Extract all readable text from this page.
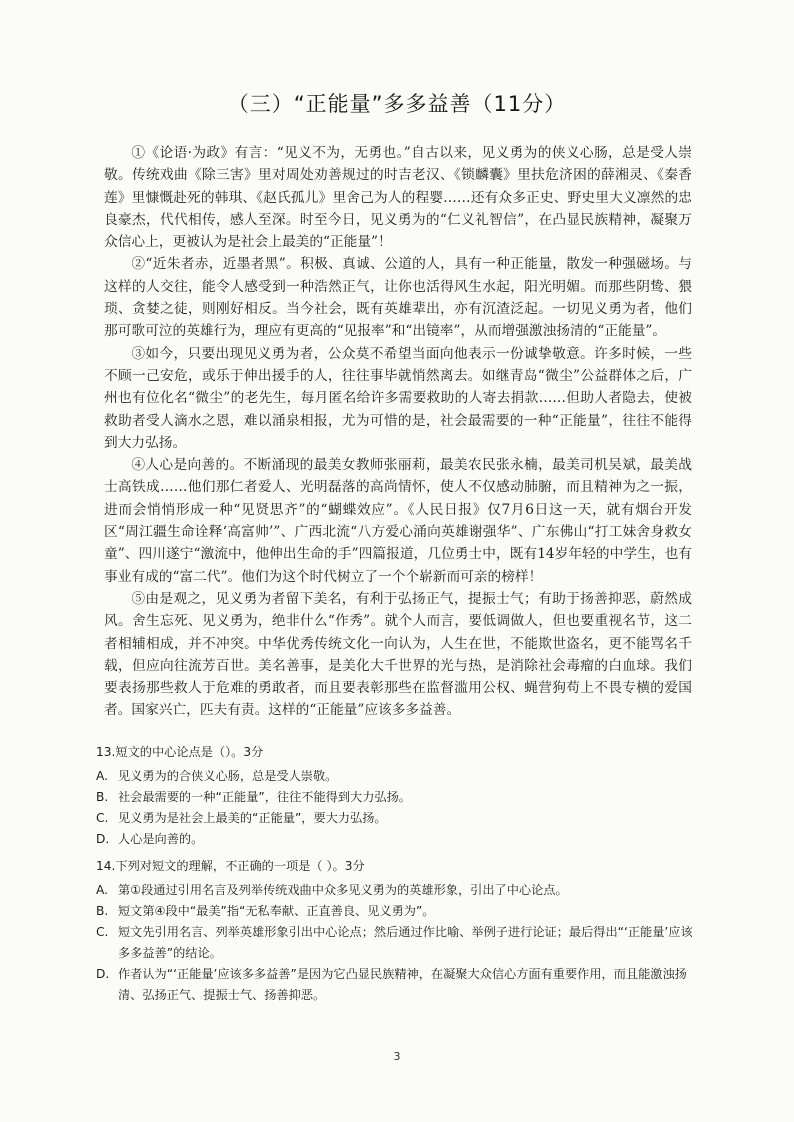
（三）“正能量”多多益善（11分）

①《论语·为政》有言：“见义不为，无勇也。”自古以来，见义勇为的侠义心肠，总是受人崇敬。传统戏曲《除三害》里对周处劝善规过的时吉老汉、《锁麟囊》里扶危济困的薛湘灵、《秦香莲》里慷慨赴死的韩琪、《赵氏孤儿》里舍己为人的程婴……还有众多正史、野史里大义凛然的忠良豪杰，代代相传，感人至深。时至今日，见义勇为的“仁义礼智信”，在凸显民族精神，凝聚万众信心上，更被认为是社会上最美的“正能量”！

②“近朱者赤，近墨者黑”。积极、真诚、公道的人，具有一种正能量，散发一种强磁场。与这样的人交往，能令人感受到一种浩然正气，让你也活得风生水起，阳光明媚。而那些阴鸷、猥琐、贪婪之徒，则刚好相反。当今社会，既有英雄辈出，亦有沉渣泛起。一切见义勇为者，他们那可歌可泣的英雄行为，理应有更高的“见报率”和“出镜率”，从而增强激浊扬清的“正能量”。

③如今，只要出现见义勇为者，公众莫不希望当面向他表示一份诚挚敬意。许多时候，一些不顾一己安危，或乐于伸出援手的人，往往事毕就悄然离去。如继青岛“微尘”公益群体之后，广州也有位化名“微尘”的老先生，每月匿名给许多需要救助的人寄去捐款……但助人者隐去，使被救助者受人滴水之恩，难以涌泉相报，尤为可惜的是，社会最需要的一种“正能量”，往往不能得到大力弘扬。

④人心是向善的。不断涌现的最美女教师张丽莉，最美农民张永楠，最美司机吴斌，最美战士高铁成……他们那仁者爱人、光明磊落的高尚情怀，使人不仅感动肺腑，而且精神为之一振，进而会悄悄形成一种“见贤思齐”的“蝴蝶效应”。《人民日报》仅7月6日这一天，就有烟台开发区“周江疆生命诠释‘高富帅’”、广西北流“八方爱心涌向英雄谢强华”、广东佛山“打工妹舍身救女童”、四川遂宁“激流中，他伸出生命的手”四篇报道，几位勇士中，既有14岁年轻的中学生，也有事业有成的“富二代”。他们为这个时代树立了一个个崭新而可亲的榜样！

⑤由是观之，见义勇为者留下美名，有利于弘扬正气，提振士气；有助于扬善抑恶，蔚然成风。舍生忘死、见义勇为，绝非什么“作秀”。就个人而言，要低调做人，但也要重视名节，这二者相辅相成，并不冲突。中华优秀传统文化一向认为，人生在世，不能欺世盗名，更不能骂名千载，但应向往流芳百世。美名善事，是美化大千世界的光与热，是消除社会毒瘤的白血球。我们要表扬那些救人于危难的勇敢者，而且要表彰那些在监督滥用公权、蝇营狗苟上不畏专横的爱国者。国家兴亡，匹夫有责。这样的“正能量”应该多多益善。

13.短文的中心论点是（）。3分

A. 见义勇为的合侠义心肠，总是受人崇敬。
B. 社会最需要的一种“正能量”，往往不能得到大力弘扬。
C. 见义勇为是社会上最美的“正能量”，要大力弘扬。
D. 人心是向善的。

14.下列对短文的理解，不正确的一项是（ ）。3分

A. 第①段通过引用名言及列举传统戏曲中众多见义勇为的英雄形象，引出了中心论点。
B. 短文第④段中“最美”指“无私奉献、正直善良、见义勇为”。
C. 短文先引用名言、列举英雄形象引出中心论点；然后通过作比喻、举例子进行论证；最后得出“‘正能量’应该多多益善”的结论。
D. 作者认为“‘正能量’应该多多益善”是因为它凸显民族精神，在凝聚大众信心方面有重要作用，而且能激浊扬清、弘扬正气、提振士气、扬善抑恶。
3
